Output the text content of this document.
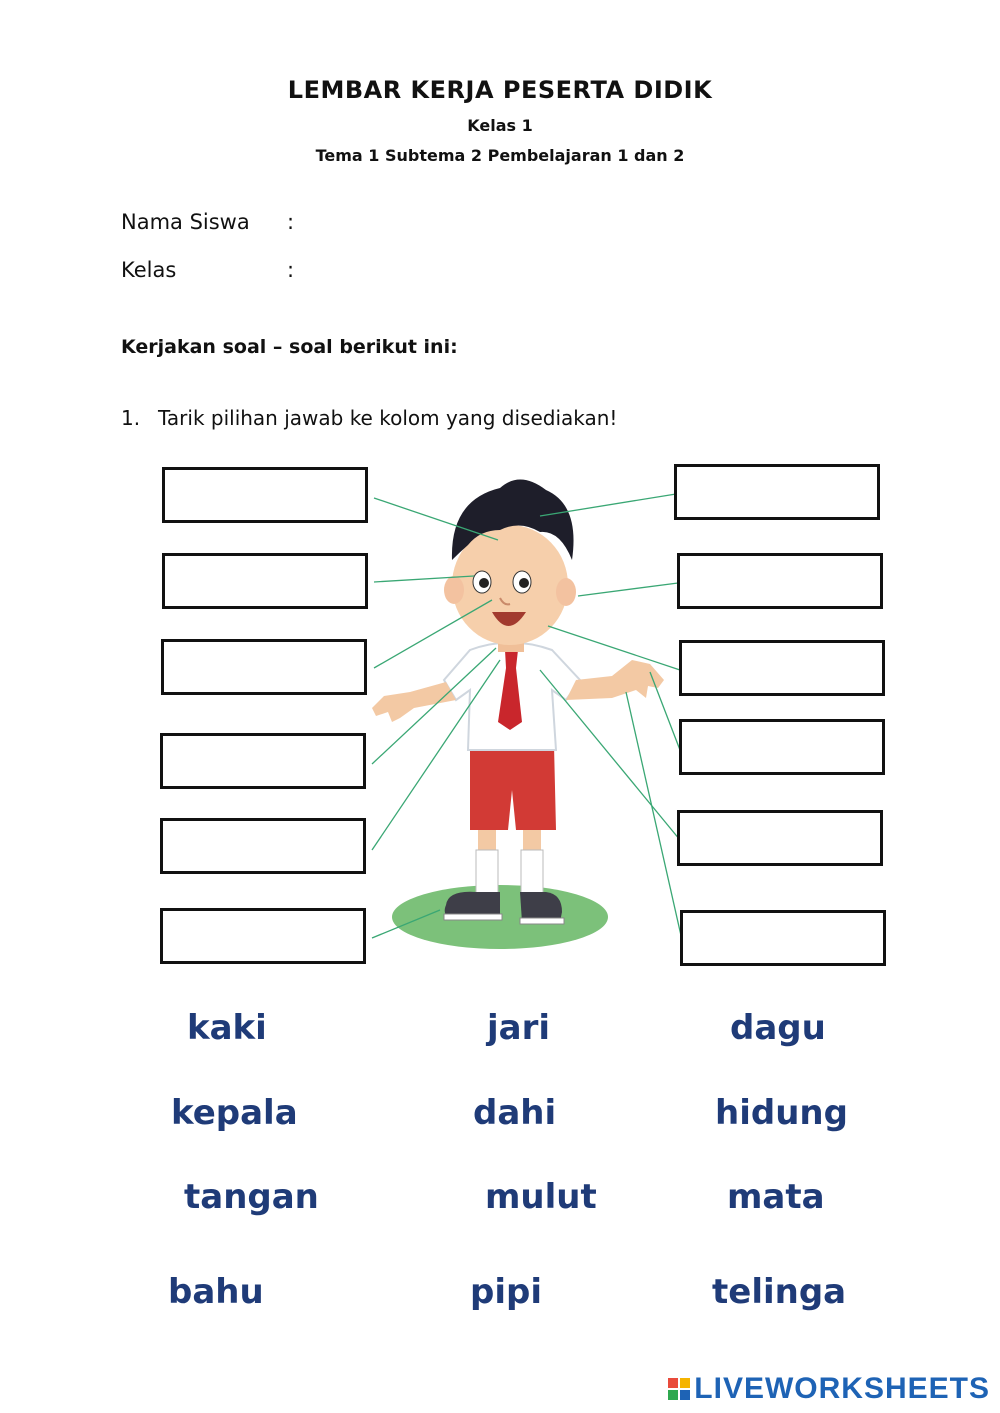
LEMBAR KERJA PESERTA DIDIK
Kelas 1
Tema 1 Subtema 2 Pembelajaran 1 dan 2
Nama Siswa :
Kelas	:
Kerjakan soal – soal berikut ini:
1. Tarik pilihan jawab ke kolom yang disediakan!
kaki	jari	dagu
kepala	dahi	hidung
tangan	mulut	mata
bahu	pipi	telinga
LIVEWORKSHEETS
